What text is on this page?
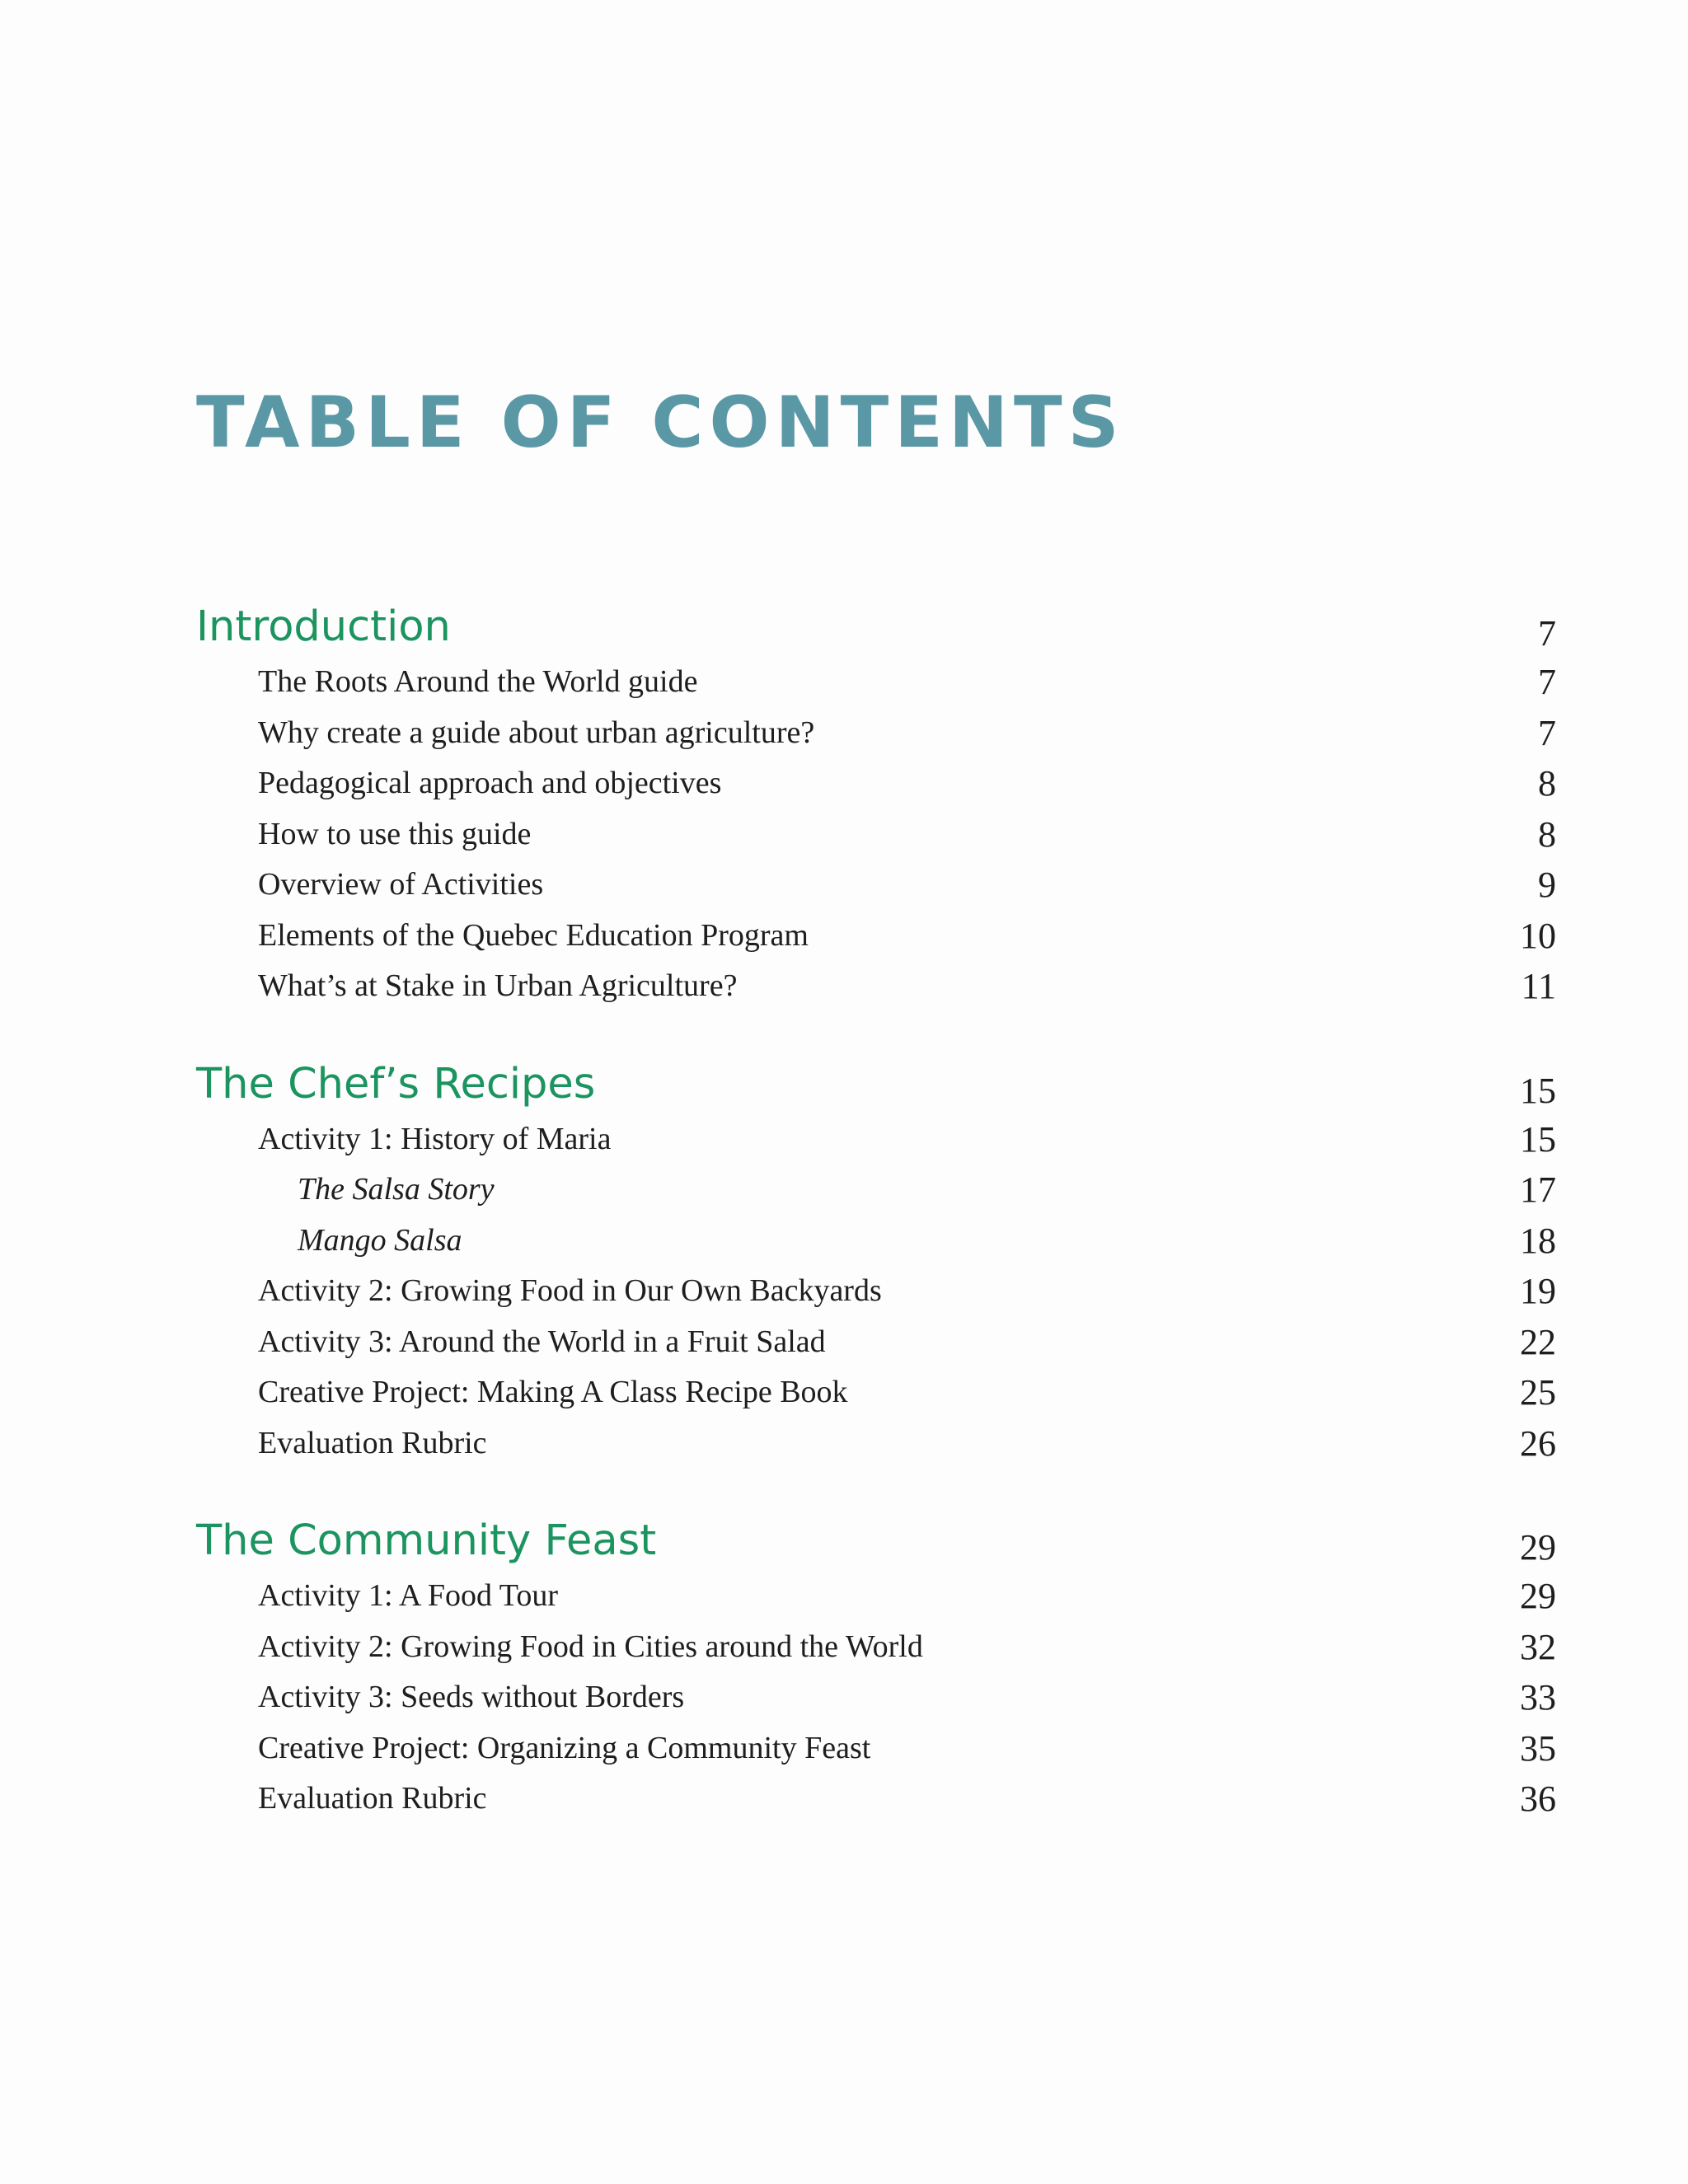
TABLE OF CONTENTS
Introduction	7
The Roots Around the World guide	7
Why create a guide about urban agriculture?	7
Pedagogical approach and objectives	8
How to use this guide	8
Overview of Activities	9
Elements of the Quebec Education Program	10
What’s at Stake in Urban Agriculture?	11
The Chef’s Recipes	15
Activity 1: History of Maria	15
The Salsa Story	17
Mango Salsa	18
Activity 2: Growing Food in Our Own Backyards	19
Activity 3: Around the World in a Fruit Salad	22
Creative Project: Making A Class Recipe Book	25
Evaluation Rubric	26
The Community Feast	29
Activity 1: A Food Tour	29
Activity 2: Growing Food in Cities around the World	32
Activity 3: Seeds without Borders	33
Creative Project: Organizing a Community Feast	35
Evaluation Rubric	36
